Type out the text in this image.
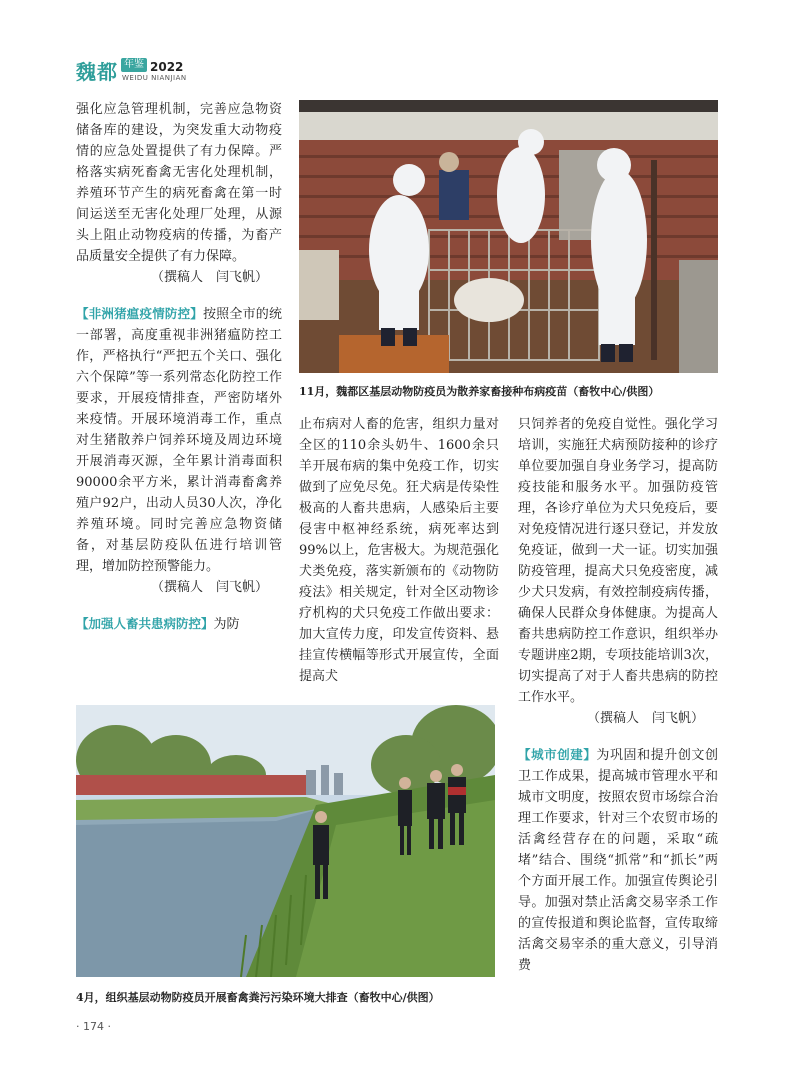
魏都 年鉴 2022
WEIDU NIANJIAN

强化应急管理机制，完善应急物资储备库的建设，为突发重大动物疫情的应急处置提供了有力保障。严格落实病死畜禽无害化处理机制，养殖环节产生的病死畜禽在第一时间运送至无害化处理厂处理，从源头上阻止动物疫病的传播，为畜产品质量安全提供了有力保障。

（撰稿人　闫飞帆）

【非洲猪瘟疫情防控】按照全市的统一部署，高度重视非洲猪瘟防控工作，严格执行“严把五个关口、强化六个保障”等一系列常态化防控工作要求，开展疫情排查，严密防堵外来疫情。开展环境消毒工作，重点对生猪散养户饲养环境及周边环境开展消毒灭源，全年累计消毒面积90000余平方米，累计消毒畜禽养殖户92户，出动人员30人次，净化养殖环境。同时完善应急物资储备，对基层防疫队伍进行培训管理，增加防控预警能力。

（撰稿人　闫飞帆）

【加强人畜共患病防控】为防

11月，魏都区基层动物防疫员为散养家畜接种布病疫苗（畜牧中心/供图）

止布病对人畜的危害，组织力量对全区的110余头奶牛、1600余只羊开展布病的集中免疫工作，切实做到了应免尽免。狂犬病是传染性极高的人畜共患病，人感染后主要侵害中枢神经系统，病死率达到99%以上，危害极大。为规范强化犬类免疫，落实新颁布的《动物防疫法》相关规定，针对全区动物诊疗机构的犬只免疫工作做出要求：加大宣传力度，印发宣传资料、悬挂宣传横幅等形式开展宣传，全面提高犬

只饲养者的免疫自觉性。强化学习培训，实施狂犬病预防接种的诊疗单位要加强自身业务学习，提高防疫技能和服务水平。加强防疫管理，各诊疗单位为犬只免疫后，要对免疫情况进行逐只登记，并发放免疫证，做到一犬一证。切实加强防疫管理，提高犬只免疫密度，减少犬只发病，有效控制疫病传播，确保人民群众身体健康。为提高人畜共患病防控工作意识，组织举办专题讲座2期，专项技能培训3次，切实提高了对于人畜共患病的防控工作水平。

（撰稿人　闫飞帆）

【城市创建】为巩固和提升创文创卫工作成果，提高城市管理水平和城市文明度，按照农贸市场综合治理工作要求，针对三个农贸市场的活禽经营存在的问题，采取“疏堵”结合、围绕“抓常”和“抓长”两个方面开展工作。加强宣传舆论引导。加强对禁止活禽交易宰杀工作的宣传报道和舆论监督，宣传取缔活禽交易宰杀的重大意义，引导消费

4月，组织基层动物防疫员开展畜禽粪污污染环境大排查（畜牧中心/供图）
· 174 ·
